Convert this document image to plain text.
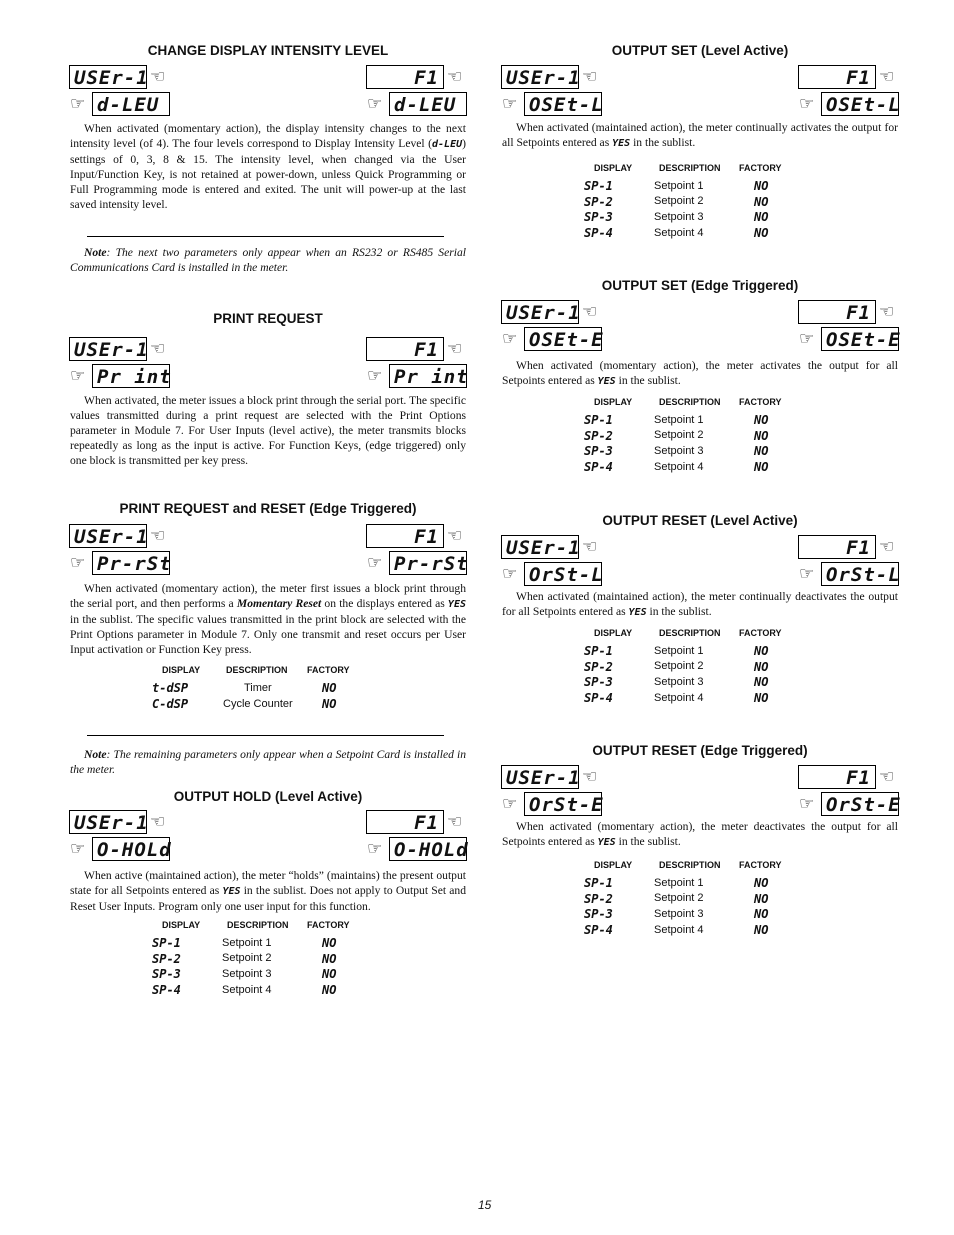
CHANGE DISPLAY INTENSITY LEVEL
USEr-1 ☜
☞ d-LEU
F1 ☜
☞ d-LEU
When activated (momentary action), the display intensity changes to the next intensity level (of 4). The four levels correspond to Display Intensity Level (d-LEU) settings of 0, 3, 8 & 15. The intensity level, when changed via the User Input/Function Key, is not retained at power-down, unless Quick Programming or Full Programming mode is entered and exited. The unit will power-up at the last saved intensity level.
Note: The next two parameters only appear when an RS232 or RS485 Serial Communications Card is installed in the meter.
PRINT REQUEST
USEr-1 ☜
☞ Pr int
F1 ☜
☞ Pr int
When activated, the meter issues a block print through the serial port. The specific values transmitted during a print request are selected with the Print Options parameter in Module 7. For User Inputs (level active), the meter transmits blocks repeatedly as long as the input is active. For Function Keys, (edge triggered) only one block is transmitted per key press.
PRINT REQUEST and RESET (Edge Triggered)
USEr-1 ☜
☞ Pr-rSt
F1 ☜
☞ Pr-rSt
When activated (momentary action), the meter first issues a block print through the serial port, and then performs a Momentary Reset on the displays entered as YES in the sublist. The specific values transmitted in the print block are selected with the Print Options parameter in Module 7. Only one transmit and reset occurs per User Input activation or Function Key press.
DISPLAY	DESCRIPTION FACTORY
t-dSP	Timer	NO
C-dSP	Cycle Counter NO
Note: The remaining parameters only appear when a Setpoint Card is installed in the meter.
OUTPUT HOLD (Level Active)
USEr-1 ☜
☞ O-HOLd
F1 ☜
☞ O-HOLd
When active (maintained action), the meter “holds” (maintains) the present output state for all Setpoints entered as YES in the sublist. Does not apply to Output Set and Reset User Inputs. Program only one user input for this function.
DISPLAY	DESCRIPTION FACTORY
SP-1	Setpoint 1	NO
SP-2	Setpoint 2	NO
SP-3	Setpoint 3	NO
SP-4	Setpoint 4	NO
OUTPUT SET (Level Active)
USEr-1 ☜
☞ OSEt-L
F1 ☜
☞ OSEt-L
When activated (maintained action), the meter continually activates the output for all Setpoints entered as YES in the sublist.
DISPLAY	DESCRIPTION FACTORY
SP-1	Setpoint 1	NO
SP-2	Setpoint 2	NO
SP-3	Setpoint 3	NO
SP-4	Setpoint 4	NO
OUTPUT SET (Edge Triggered)
USEr-1 ☜
☞ OSEt-E
F1 ☜
☞ OSEt-E
When activated (momentary action), the meter activates the output for all Setpoints entered as YES in the sublist.
DISPLAY	DESCRIPTION FACTORY
SP-1	Setpoint 1	NO
SP-2	Setpoint 2	NO
SP-3	Setpoint 3	NO
SP-4	Setpoint 4	NO
OUTPUT RESET (Level Active)
USEr-1 ☜
☞ OrSt-L
F1 ☜
☞ OrSt-L
When activated (maintained action), the meter continually deactivates the output for all Setpoints entered as YES in the sublist.
DISPLAY	DESCRIPTION FACTORY
SP-1	Setpoint 1	NO
SP-2	Setpoint 2	NO
SP-3	Setpoint 3	NO
SP-4	Setpoint 4	NO
OUTPUT RESET (Edge Triggered)
USEr-1 ☜
☞ OrSt-E
F1 ☜
☞ OrSt-E
When activated (momentary action), the meter deactivates the output for all Setpoints entered as YES in the sublist.
DISPLAY	DESCRIPTION FACTORY
SP-1	Setpoint 1	NO
SP-2	Setpoint 2	NO
SP-3	Setpoint 3	NO
SP-4	Setpoint 4	NO
15
